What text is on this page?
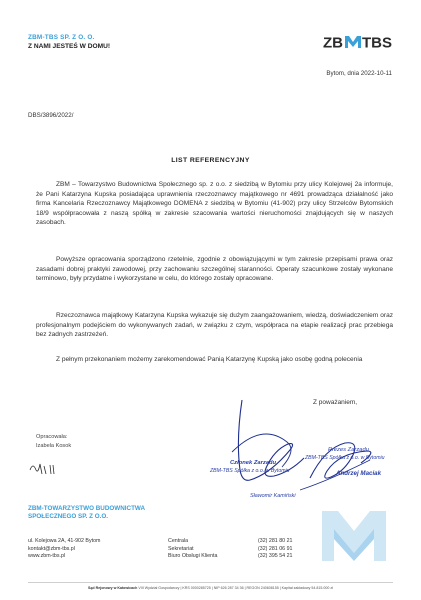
ZBM-TBS SP. Z O. O.
Z NAMI JESTEŚ W DOMU!	ZB TBS
Bytom, dnia 2022-10-11
DBS/3896/2022/
LIST REFERENCYJNY

ZBM – Towarzystwo Budownictwa Społecznego sp. z o.o. z siedzibą w Bytomiu przy ulicy Kolejowej 2a informuje, że Pani Katarzyna Kupska posiadająca uprawnienia rzeczoznawcy majątkowego nr 4691 prowadząca działalność jako firma Kancelaria Rzeczoznawcy Majątkowego DOMENA z siedzibą w Bytomiu (41-902) przy ulicy Strzelców Bytomskich 18/9 współpracowała z naszą spółką w zakresie szacowania wartości nieruchomości znajdujących się w naszych zasobach.

Powyższe opracowania sporządzono rzetelnie, zgodnie z obowiązującymi w tym zakresie przepisami prawa oraz zasadami dobrej praktyki zawodowej, przy zachowaniu szczególnej staranności. Operaty szacunkowe zostały wykonane terminowo, były przydatne i wykorzystane w celu, do którego zostały opracowane.

Rzeczoznawca majątkowy Katarzyna Kupska wykazuje się dużym zaangażowaniem, wiedzą, doświadczeniem oraz profesjonalnym podejściem do wykonywanych zadań, w związku z czym, współpraca na etapie realizacji prac przebiega bez żadnych zastrzeżeń.

Z pełnym przekonaniem możemy zarekomendować Panią Katarzynę Kupską jako osobę godną polecenia

Z poważaniem,
Opracowała:
Izabela Kosok
Członek Zarządu
ZBM-TBS Spółka z o.o. w Bytomiu
Sławomir Kamiński
Prezes Zarządu
ZBM-TBS Spółka z o.o. w Bytomiu
Andrzej Maciak
ZBM-TOWARZYSTWO BUDOWNICTWA
SPOŁECZNEGO SP. Z O.O.
ul. Kolejowa 2A, 41-902 Bytom
kontakt@zbm-tbs.pl
www.zbm-tbs.pl
Centrala
Sekretariat
Biuro Obsługi Klienta
(32) 281 80 21
(32) 281 06 91
(32) 395 54 21
Sąd Rejonowy w Katowicach VIII Wydział Gospodarczy | KRS 0000285725 | NIP 626 287 34 36 | REGON 240608155 | Kapitał zakładowy 54.815.000 zł
